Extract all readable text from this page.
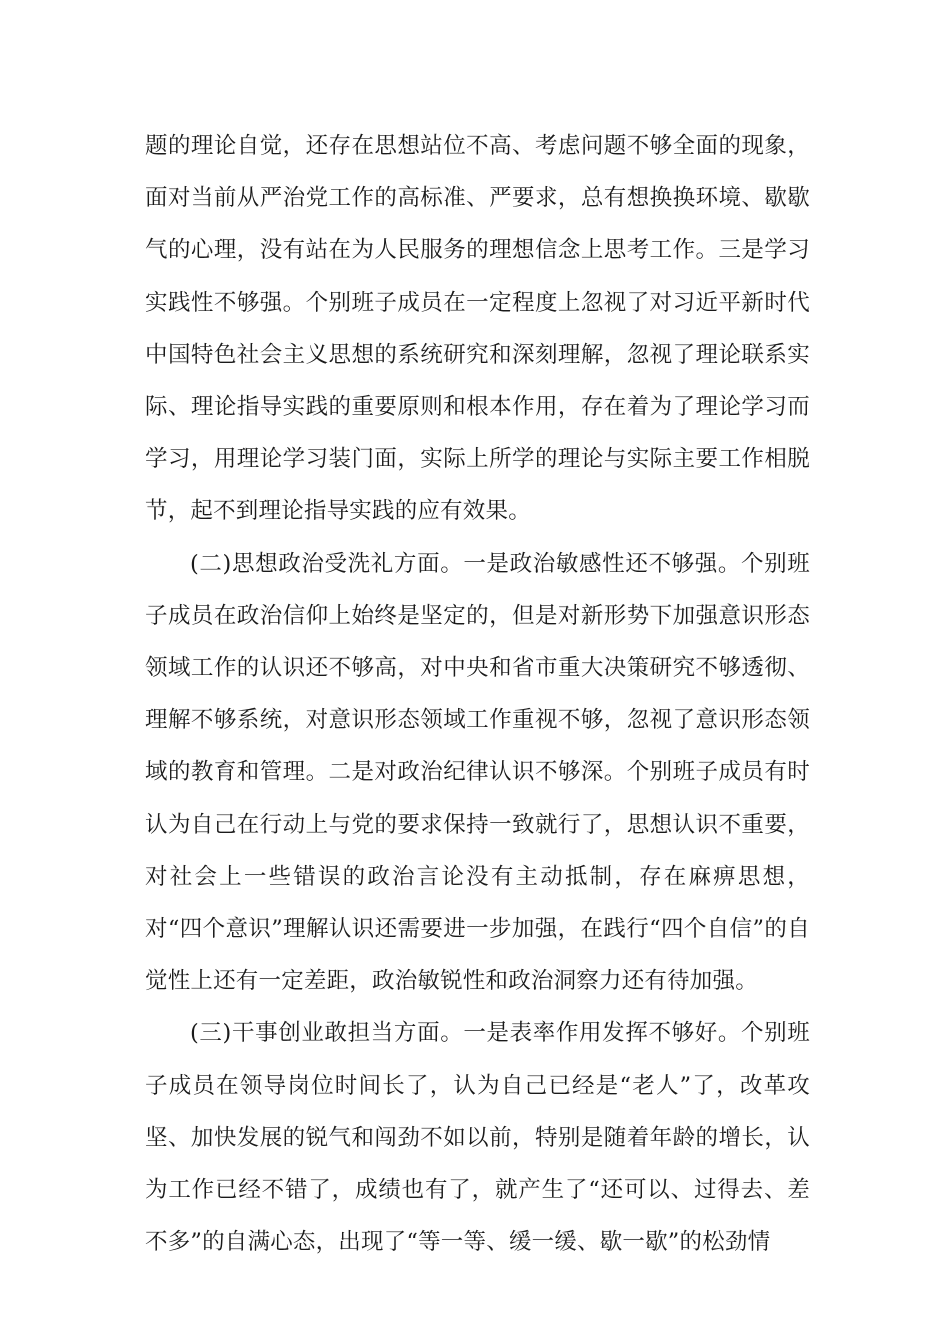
题的理论自觉，还存在思想站位不高、考虑问题不够全面的现象，面对当前从严治党工作的高标准、严要求，总有想换换环境、歇歇气的心理，没有站在为人民服务的理想信念上思考工作。三是学习实践性不够强。个别班子成员在一定程度上忽视了对习近平新时代中国特色社会主义思想的系统研究和深刻理解，忽视了理论联系实际、理论指导实践的重要原则和根本作用，存在着为了理论学习而学习，用理论学习装门面，实际上所学的理论与实际主要工作相脱节，起不到理论指导实践的应有效果。

(二)思想政治受洗礼方面。一是政治敏感性还不够强。个别班子成员在政治信仰上始终是坚定的，但是对新形势下加强意识形态领域工作的认识还不够高，对中央和省市重大决策研究不够透彻、理解不够系统，对意识形态领域工作重视不够，忽视了意识形态领域的教育和管理。二是对政治纪律认识不够深。个别班子成员有时认为自己在行动上与党的要求保持一致就行了，思想认识不重要，对社会上一些错误的政治言论没有主动抵制，存在麻痹思想，对“四个意识”理解认识还需要进一步加强，在践行“四个自信”的自觉性上还有一定差距，政治敏锐性和政治洞察力还有待加强。

(三)干事创业敢担当方面。一是表率作用发挥不够好。个别班子成员在领导岗位时间长了，认为自己已经是“老人”了，改革攻坚、加快发展的锐气和闯劲不如以前，特别是随着年龄的增长，认为工作已经不错了，成绩也有了，就产生了“还可以、过得去、差不多”的自满心态，出现了“等一等、缓一缓、歇一歇”的松劲情
